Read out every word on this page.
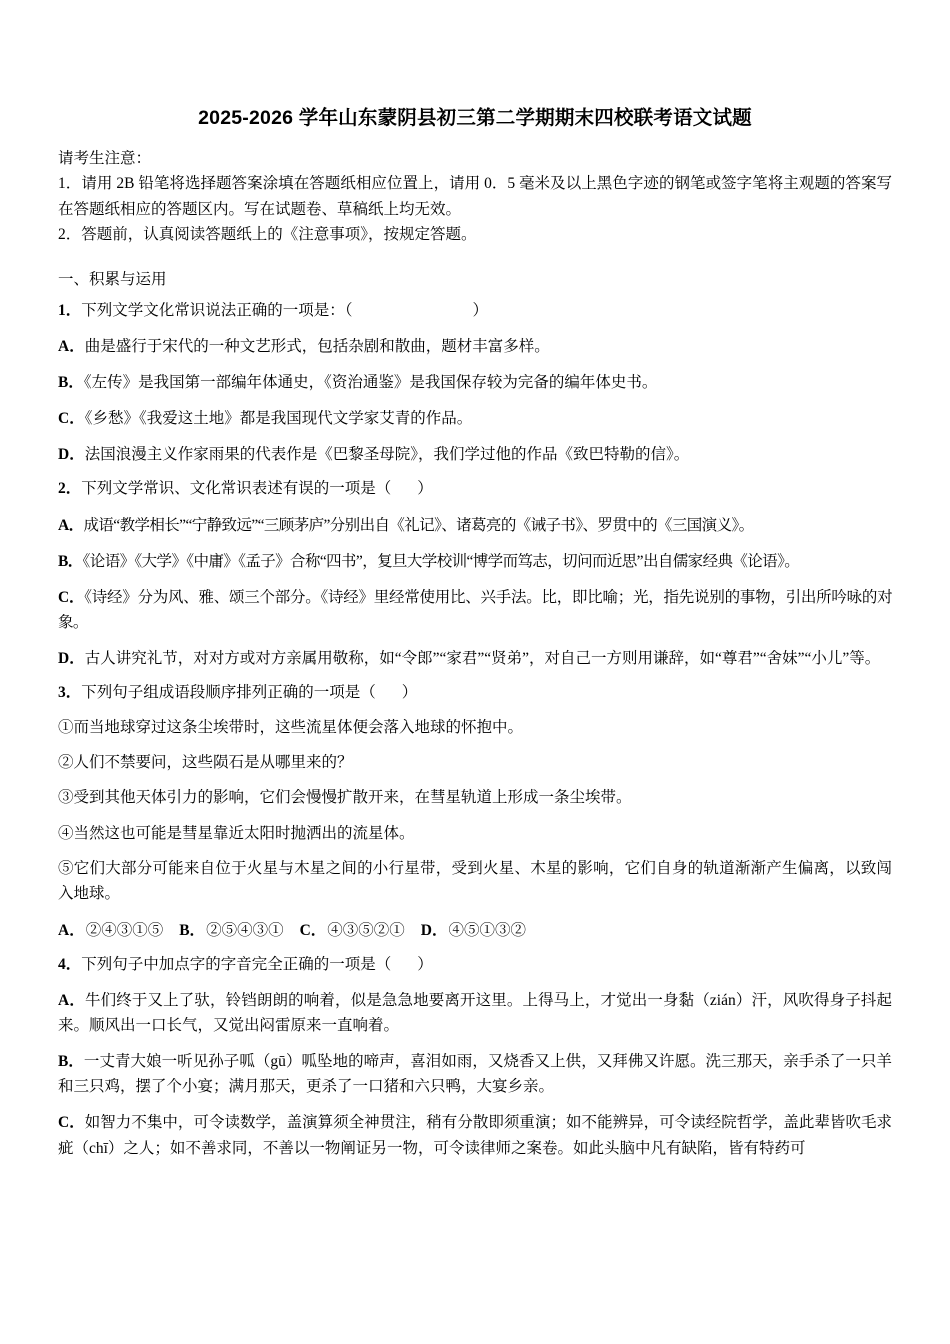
2025-2026 学年山东蒙阴县初三第二学期期末四校联考语文试题
请考生注意：
1．请用 2B 铅笔将选择题答案涂填在答题纸相应位置上，请用 0．5 毫米及以上黑色字迹的钢笔或签字笔将主观题的答案写在答题纸相应的答题区内。写在试题卷、草稿纸上均无效。
2．答题前，认真阅读答题纸上的《注意事项》，按规定答题。
一、积累与运用
1．下列文学文化常识说法正确的一项是：（	）
A．曲是盛行于宋代的一种文艺形式，包括杂剧和散曲，题材丰富多样。
B．《左传》是我国第一部编年体通史，《资治通鉴》是我国保存较为完备的编年体史书。
C．《乡愁》《我爱这土地》都是我国现代文学家艾青的作品。
D．法国浪漫主义作家雨果的代表作是《巴黎圣母院》，我们学过他的作品《致巴特勒的信》。
2．下列文学常识、文化常识表述有误的一项是（ ）
A．成语“教学相长”“宁静致远”“三顾茅庐”分别出自《礼记》、诸葛亮的《诫子书》、罗贯中的《三国演义》。
B．《论语》《大学》《中庸》《孟子》合称“四书”，复旦大学校训“博学而笃志，切问而近思”出自儒家经典《论语》。
C．《诗经》分为风、雅、颂三个部分。《诗经》里经常使用比、兴手法。比，即比喻；光，指先说别的事物，引出所吟咏的对象。
D．古人讲究礼节，对对方或对方亲属用敬称，如“令郎”“家君”“贤弟”，对自己一方则用谦辞，如“尊君”“舍妹”“小儿”等。
3．下列句子组成语段顺序排列正确的一项是（ ）
①而当地球穿过这条尘埃带时，这些流星体便会落入地球的怀抱中。
②人们不禁要问，这些陨石是从哪里来的？
③受到其他天体引力的影响，它们会慢慢扩散开来，在彗星轨道上形成一条尘埃带。
④当然这也可能是彗星靠近太阳时抛洒出的流星体。
⑤它们大部分可能来自位于火星与木星之间的小行星带，受到火星、木星的影响，它们自身的轨道渐渐产生偏离，以致闯入地球。
A．②④③①⑤ B．②⑤④③① C．④③⑤②① D．④⑤①③②
4．下列句子中加点字的字音完全正确的一项是（ ）
A．牛们终于又上了驮，铃铛朗朗的响着，似是急急地要离开这里。上得马上，才觉出一身黏（zián）汗，风吹得身子抖起来。顺风出一口长气，又觉出闷雷原来一直响着。
B．一丈青大娘一听见孙子呱（gū）呱坠地的啼声，喜泪如雨，又烧香又上供，又拜佛又许愿。洗三那天，亲手杀了一只羊和三只鸡，摆了个小宴；满月那天，更杀了一口猪和六只鸭，大宴乡亲。
C．如智力不集中，可令读数学，盖演算须全神贯注，稍有分散即须重演；如不能辨异，可令读经院哲学，盖此辈皆吹毛求疵（chī）之人；如不善求同，不善以一物阐证另一物，可令读律师之案卷。如此头脑中凡有缺陷，皆有特药可
